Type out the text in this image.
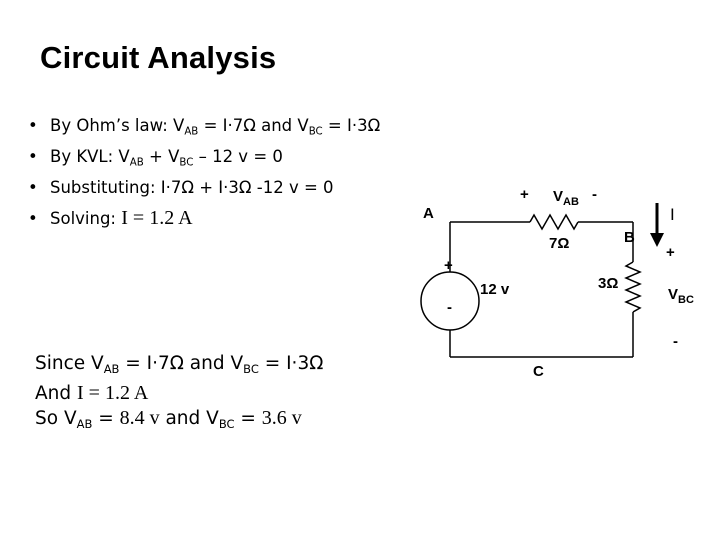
Circuit Analysis
• By Ohm’s law: $V_{AB} = I\cdot 7\Omega$ and $V_{BC} = I\cdot 3\Omega$
• By KVL: $V_{AB} + V_{BC} - 12$ v = 0
• Substituting: I·7Ω + I·3Ω -12 v = 0
• Solving: I = 1.2 A
Since $V_{AB} = I\cdot 7\Omega$ and $V_{BC} = I\cdot 3\Omega$
And I = 1.2 A
So $V_{AB} = 8.4$ v and $V_{BC} = 3.6$ v
A
B
C
+
-
12 v
7Ω
3Ω
+ $V_{AB}$ -
+
$V_{BC}$
-
I
